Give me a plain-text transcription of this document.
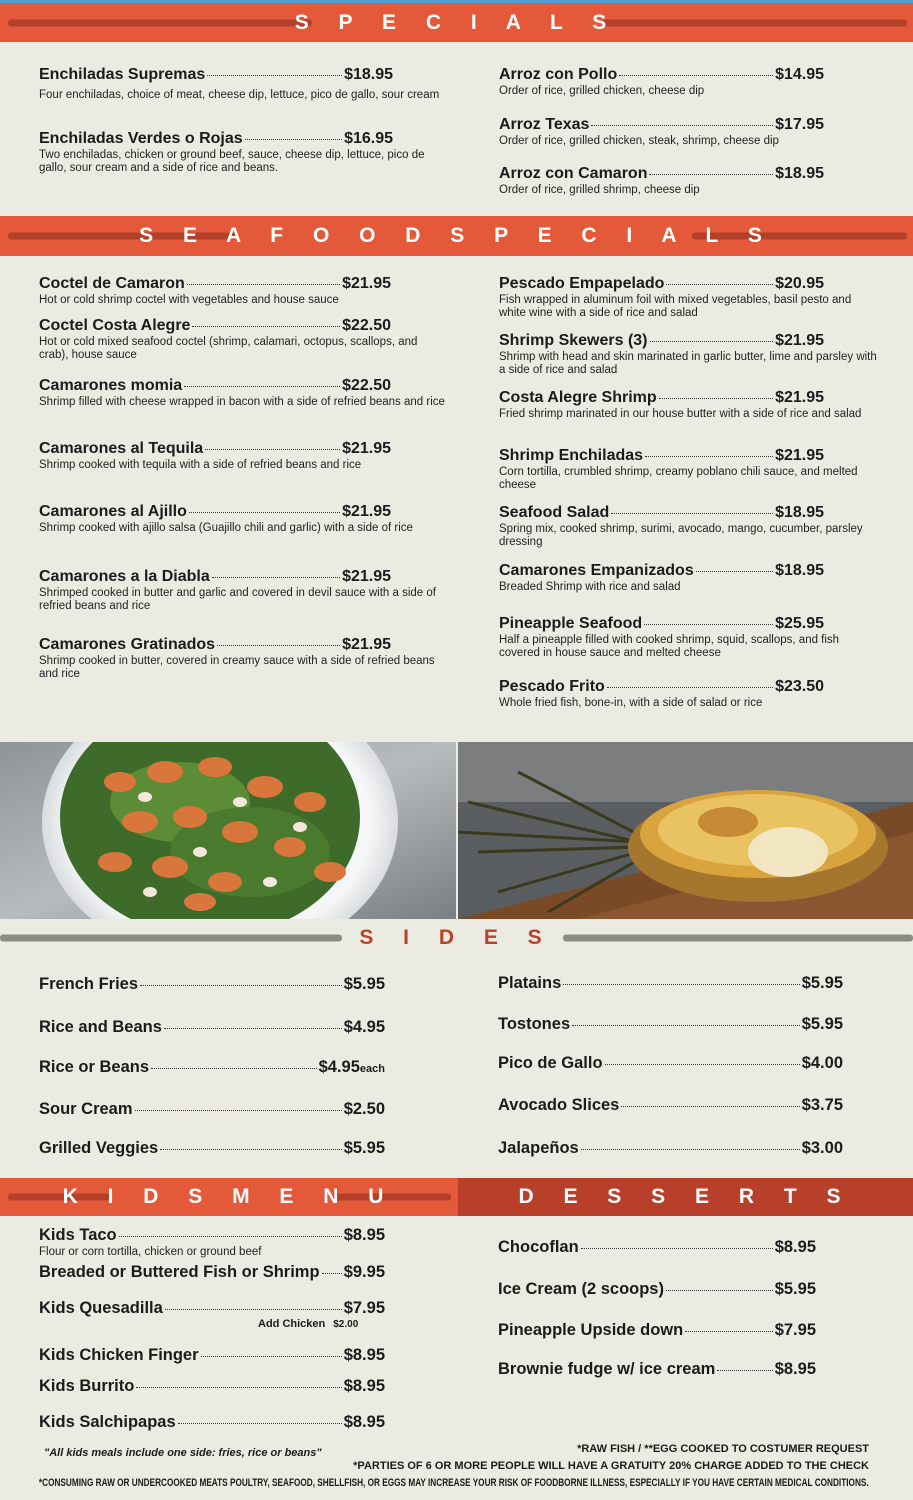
S P E C I A L S
Enchiladas Supremas	$18.95
Four enchiladas, choice of meat, cheese dip, lettuce, pico de gallo, sour cream
Enchiladas Verdes o Rojas	$16.95
Two enchiladas, chicken or ground beef, sauce, cheese dip, lettuce, pico de gallo, sour cream and a side of rice and beans.
Arroz con Pollo	$14.95
Order of rice, grilled chicken, cheese dip
Arroz Texas	$17.95
Order of rice, grilled chicken, steak, shrimp, cheese dip
Arroz con Camaron	$18.95
Order of rice, grilled shrimp, cheese dip
S E A F O O D S P E C I A L S
Coctel de Camaron	$21.95
Hot or cold shrimp coctel with vegetables and house sauce
Coctel Costa Alegre	$22.50
Hot or cold mixed seafood coctel (shrimp, calamari, octopus, scallops, and crab), house sauce
Camarones momia	$22.50
Shrimp filled with cheese wrapped in bacon with a side of refried beans and rice
Camarones al Tequila	$21.95
Shrimp cooked with tequila with a side of refried beans and rice
Camarones al Ajillo	$21.95
Shrimp cooked with ajillo salsa (Guajillo chili and garlic) with a side of rice
Camarones a la Diabla	$21.95
Shrimped cooked in butter and garlic and covered in devil sauce with a side of refried beans and rice
Camarones Gratinados	$21.95
Shrimp cooked in butter, covered in creamy sauce with a side of refried beans and rice
Pescado Empapelado	$20.95
Fish wrapped in aluminum foil with mixed vegetables, basil pesto and white wine with a side of rice and salad
Shrimp Skewers (3)	$21.95
Shrimp with head and skin marinated in garlic butter, lime and parsley with a side of rice and salad
Costa Alegre Shrimp	$21.95
Fried shrimp marinated in our house butter with a side of rice and salad
Shrimp Enchiladas	$21.95
Corn tortilla, crumbled shrimp, creamy poblano chili sauce, and melted cheese
Seafood Salad	$18.95
Spring mix, cooked shrimp, surimi, avocado, mango, cucumber, parsley dressing
Camarones Empanizados	$18.95
Breaded Shrimp with rice and salad
Pineapple Seafood	$25.95
Half a pineapple filled with cooked shrimp, squid, scallops, and fish covered in house sauce and melted cheese
Pescado Frito	$23.50
Whole fried fish, bone-in, with a side of salad or rice
S I D E S
French Fries	$5.95
Rice and Beans	$4.95
Rice or Beans	$4.95 each
Sour Cream	$2.50
Grilled Veggies	$5.95
Platains	$5.95
Tostones	$5.95
Pico de Gallo	$4.00
Avocado Slices	$3.75
Jalapeños	$3.00
K I D S M E N U	D E S S E R T S
Kids Taco	$8.95
Flour or corn tortilla, chicken or ground beef
Breaded or Buttered Fish or Shrimp $9.95
Kids Quesadilla	$7.95
Kids Chicken Finger	$8.95
Kids Burrito	$8.95
Kids Salchipapas	$8.95
Add Chicken $2.00
"All kids meals include one side: fries, rice or beans"
Chocoflan	$8.95
Ice Cream (2 scoops)	$5.95
Pineapple Upside down	$7.95
Brownie fudge w/ ice cream	$8.95
*RAW FISH / **EGG COOKED TO COSTUMER REQUEST
*PARTIES OF 6 OR MORE PEOPLE WILL HAVE A GRATUITY 20% CHARGE ADDED TO THE CHECK
*CONSUMING RAW OR UNDERCOOKED MEATS POULTRY, SEAFOOD, SHELLFISH, OR EGGS MAY INCREASE YOUR RISK OF FOODBORNE ILLNESS, ESPECIALLY IF YOU HAVE CERTAIN MEDICAL CONDITIONS.
